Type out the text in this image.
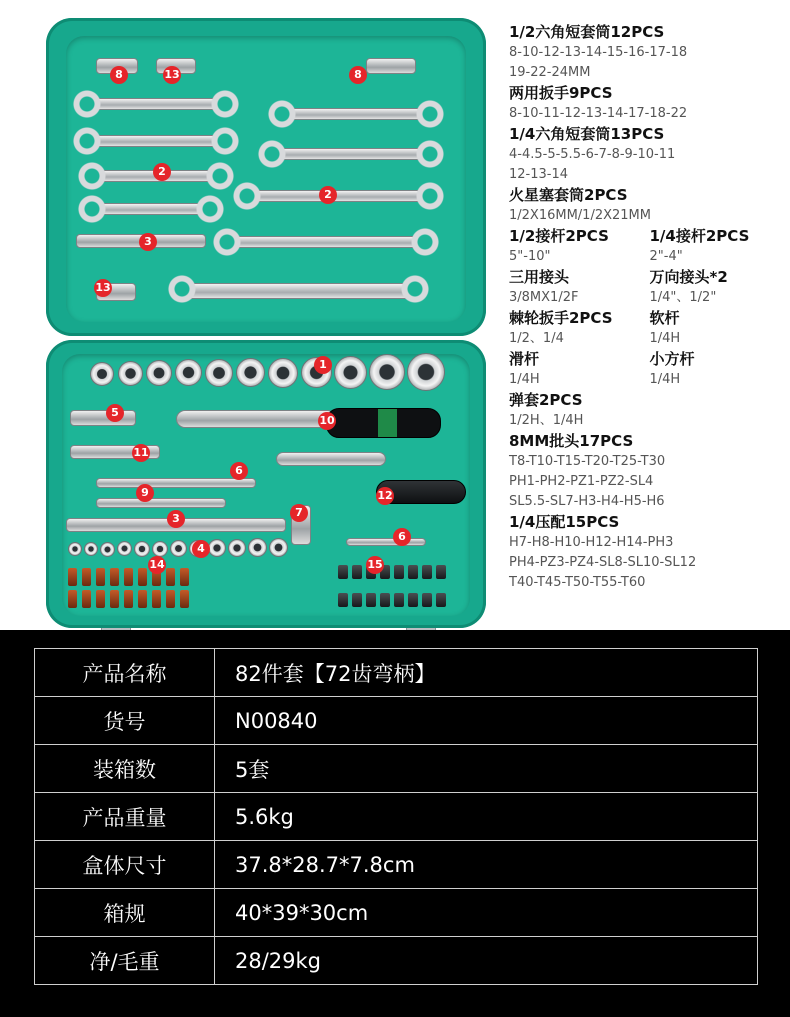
8	13	8
2
2
3
13
1
5
10
11
6
12
9
3	7
6
4
14	15
1/2六角短套筒12PCS
8-10-12-13-14-15-16-17-18
19-22-24MM
两用扳手9PCS
8-10-11-12-13-14-17-18-22
1/4六角短套筒13PCS
4-4.5-5-5.5-6-7-8-9-10-11
12-13-14
火星塞套筒2PCS
1/2X16MM/1/2X21MM
1/2接杆2PCS
5"-10"
1/4接杆2PCS
2"-4"
三用接头
3/8MX1/2F
万向接头*2
1/4"、1/2"
棘轮扳手2PCS
1/2、1/4
软杆
1/4H
滑杆
1/4H
小方杆
1/4H
弹套2PCS
1/2H、1/4H
8MM批头17PCS
T8-T10-T15-T20-T25-T30
PH1-PH2-PZ1-PZ2-SL4
SL5.5-SL7-H3-H4-H5-H6
1/4压配15PCS
H7-H8-H10-H12-H14-PH3
PH4-PZ3-PZ4-SL8-SL10-SL12
T40-T45-T50-T55-T60
产品名称	82件套【72齿弯柄】
货号	N00840
装箱数	5套
产品重量	5.6kg
盒体尺寸	37.8*28.7*7.8cm
箱规	40*39*30cm
净/毛重	28/29kg
